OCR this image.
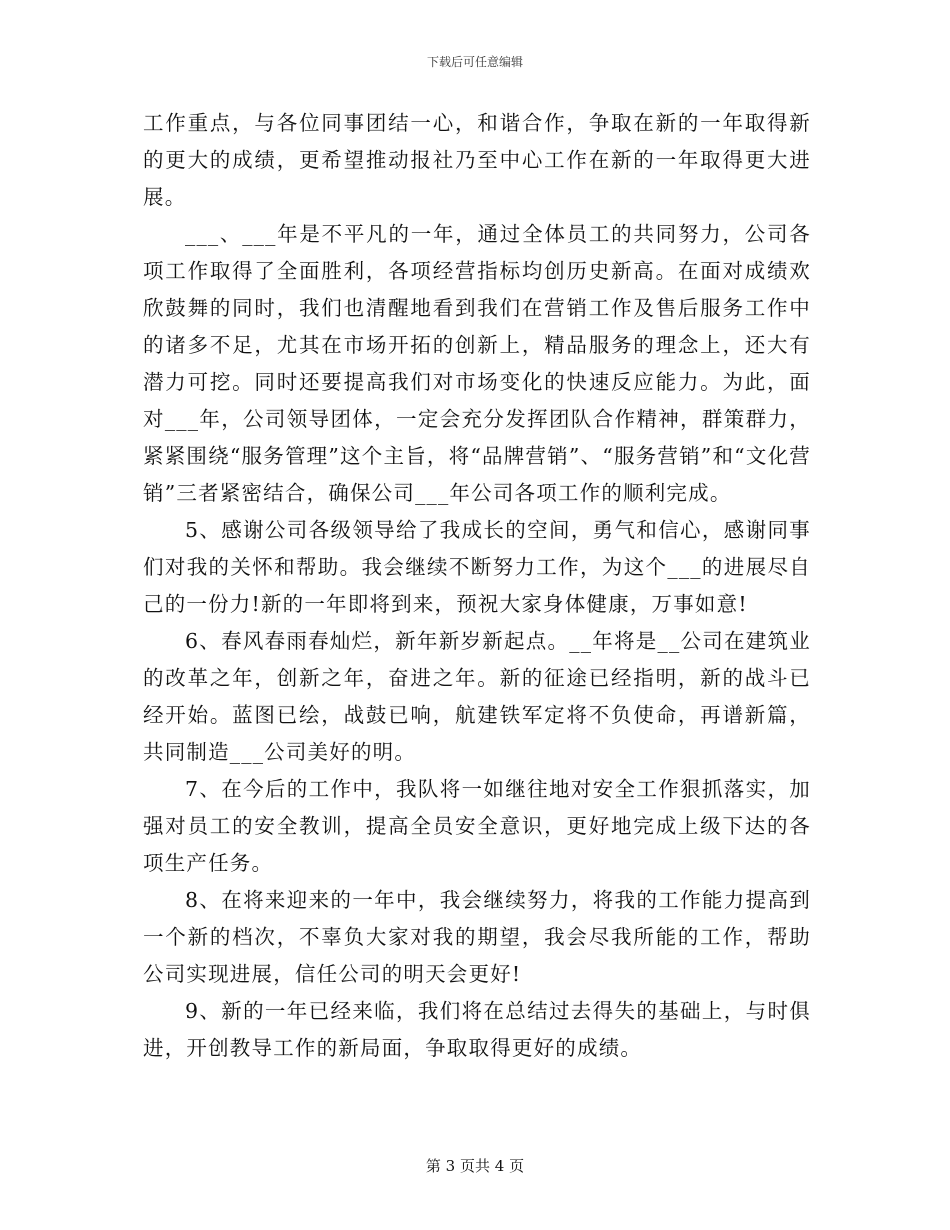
下载后可任意编辑

工作重点，与各位同事团结一心，和谐合作，争取在新的一年取得新的更大的成绩，更希望推动报社乃至中心工作在新的一年取得更大进展。

___、___年是不平凡的一年，通过全体员工的共同努力，公司各项工作取得了全面胜利，各项经营指标均创历史新高。在面对成绩欢欣鼓舞的同时，我们也清醒地看到我们在营销工作及售后服务工作中的诸多不足，尤其在市场开拓的创新上，精品服务的理念上，还大有潜力可挖。同时还要提高我们对市场变化的快速反应能力。为此，面对___年，公司领导团体，一定会充分发挥团队合作精神，群策群力，紧紧围绕“服务管理”这个主旨，将“品牌营销”、“服务营销”和“文化营销”三者紧密结合，确保公司___年公司各项工作的顺利完成。

5、感谢公司各级领导给了我成长的空间，勇气和信心，感谢同事们对我的关怀和帮助。我会继续不断努力工作，为这个___的进展尽自己的一份力!新的一年即将到来，预祝大家身体健康，万事如意!

6、春风春雨春灿烂，新年新岁新起点。__年将是__公司在建筑业的改革之年，创新之年，奋进之年。新的征途已经指明，新的战斗已经开始。蓝图已绘，战鼓已响，航建铁军定将不负使命，再谱新篇，共同制造___公司美好的明。

7、在今后的工作中，我队将一如继往地对安全工作狠抓落实，加强对员工的安全教训，提高全员安全意识，更好地完成上级下达的各项生产任务。

8、在将来迎来的一年中，我会继续努力，将我的工作能力提高到一个新的档次，不辜负大家对我的期望，我会尽我所能的工作，帮助公司实现进展，信任公司的明天会更好!

9、新的一年已经来临，我们将在总结过去得失的基础上，与时俱进，开创教导工作的新局面，争取取得更好的成绩。

第 3 页共 4 页
